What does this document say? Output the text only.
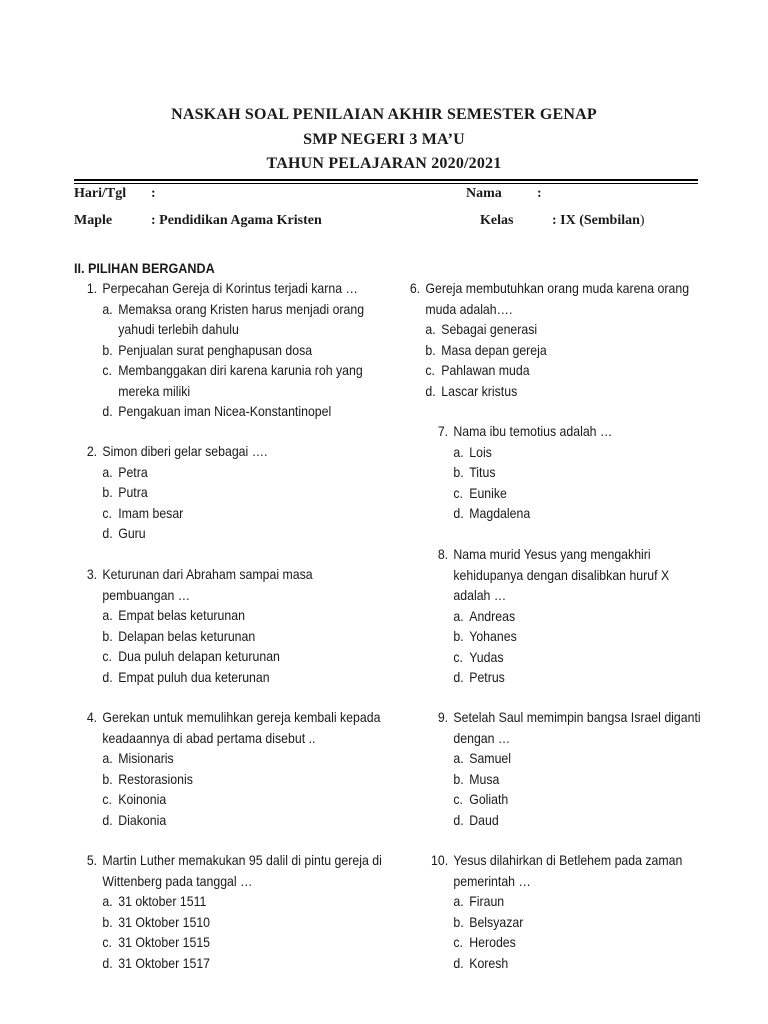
NASKAH SOAL PENILAIAN AKHIR SEMESTER GENAP
SMP NEGERI 3 MA’U
TAHUN PELAJARAN 2020/2021
Hari/Tgl :	Nama	:
Maple	: Pendidikan Agama Kristen	Kelas	: IX (Sembilan)
II. PILIHAN BERGANDA
1. Perpecahan Gereja di Korintus terjadi karna …
a. Memaksa orang Kristen harus menjadi orang
yahudi terlebih dahulu
b. Penjualan surat penghapusan dosa
c. Membanggakan diri karena karunia roh yang
mereka miliki
d. Pengakuan iman Nicea-Konstantinopel
2. Simon diberi gelar sebagai ….
a. Petra
b. Putra
c. Imam besar
d. Guru
3. Keturunan dari Abraham sampai masa
pembuangan …
a. Empat belas keturunan
b. Delapan belas keturunan
c. Dua puluh delapan keturunan
d. Empat puluh dua keterunan
4. Gerekan untuk memulihkan gereja kembali kepada
keadaannya di abad pertama disebut ..
a. Misionaris
b. Restorasionis
c. Koinonia
d. Diakonia
5. Martin Luther memakukan 95 dalil di pintu gereja di
Wittenberg pada tanggal …
a. 31 oktober 1511
b. 31 Oktober 1510
c. 31 Oktober 1515
d. 31 Oktober 1517
6. Gereja membutuhkan orang muda karena orang
muda adalah….
a. Sebagai generasi
b. Masa depan gereja
c. Pahlawan muda
d. Lascar kristus
7. Nama ibu temotius adalah …
a. Lois
b. Titus
c. Eunike
d. Magdalena
8. Nama murid Yesus yang mengakhiri
kehidupanya dengan disalibkan huruf X
adalah …
a. Andreas
b. Yohanes
c. Yudas
d. Petrus
9. Setelah Saul memimpin bangsa Israel diganti
dengan …
a. Samuel
b. Musa
c. Goliath
d. Daud
10. Yesus dilahirkan di Betlehem pada zaman
pemerintah …
a. Firaun
b. Belsyazar
c. Herodes
d. Koresh
